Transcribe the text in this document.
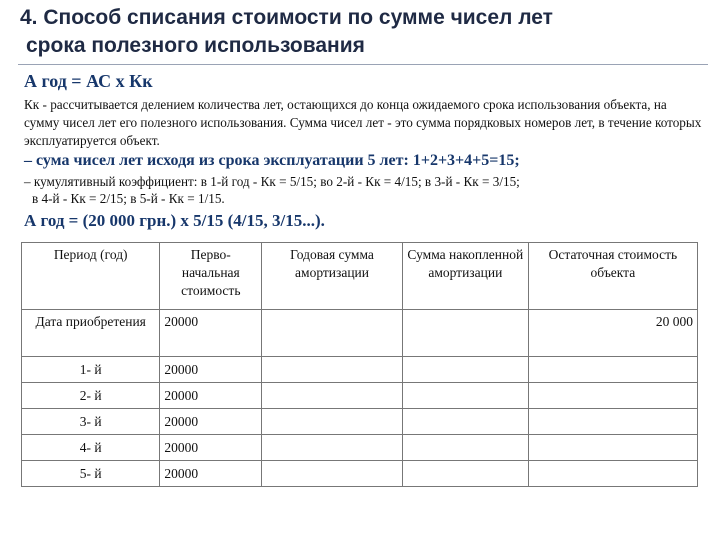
4. Способ списания стоимости по сумме чисел лет
срока полезного использования
А год = АС х Кк
Кк - рассчитывается делением количества лет, остающихся до конца ожидаемого срока использования объекта, на сумму чисел лет его полезного использования. Сумма чисел лет - это сумма порядковых номеров лет, в течение которых эксплуатируется объект.
– сума чисел лет исходя из срока эксплуатации 5 лет: 1+2+3+4+5=15;
– кумулятивный коэффициент: в 1-й год - Кк = 5/15; во 2-й - Кк = 4/15; в 3-й - Кк = 3/15;
в 4-й - Кк = 2/15; в 5-й - Кк = 1/15.
А год = (20 000 грн.) х 5/15 (4/15, 3/15...).
Период (год)	Перво-начальная стоимость	Годовая сумма амортизации	Сумма накопленной амортизации	Остаточная стоимость объекта
Дата приобретения	20000			20 000
1- й	20000			
2- й	20000			
3- й	20000			
4- й	20000			
5- й	20000			
